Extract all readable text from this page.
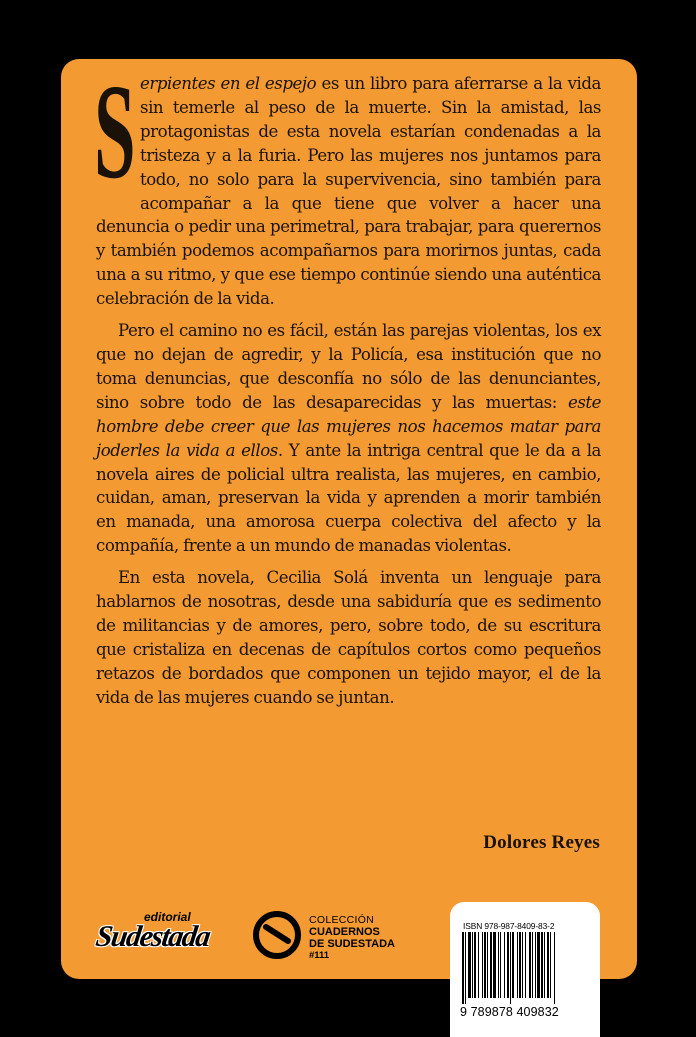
Serpientes en el espejo es un libro para aferrarse a la vida sin temerle al peso de la muerte. Sin la amistad, las protagonistas de esta novela estarían condenadas a la tristeza y a la furia. Pero las mujeres nos juntamos para todo, no solo para la supervivencia, sino también para acompañar a la que tiene que volver a hacer una denuncia o pedir una perimetral, para trabajar, para querernos y también podemos acompañarnos para morirnos juntas, cada una a su ritmo, y que ese tiempo continúe siendo una auténtica celebración de la vida.

Pero el camino no es fácil, están las parejas violentas, los ex que no dejan de agredir, y la Policía, esa institución que no toma denuncias, que desconfía no sólo de las denunciantes, sino sobre todo de las desaparecidas y las muertas: este hombre debe creer que las mujeres nos hacemos matar para joderles la vida a ellos. Y ante la intriga central que le da a la novela aires de policial ultra realista, las mujeres, en cambio, cuidan, aman, preservan la vida y aprenden a morir también en manada, una amorosa cuerpa colectiva del afecto y la compañía, frente a un mundo de manadas violentas.

En esta novela, Cecilia Solá inventa un lenguaje para hablarnos de nosotras, desde una sabiduría que es sedimento de militancias y de amores, pero, sobre todo, de su escritura que cristaliza en decenas de capítulos cortos como pequeños retazos de bordados que componen un tejido mayor, el de la vida de las mujeres cuando se juntan.

Dolores Reyes
editorial
Sudestada	COLECCIÓN
CUADERNOS
DE SUDESTADA
#111
ISBN 978-987-8409-83-2
9 789878 409832
